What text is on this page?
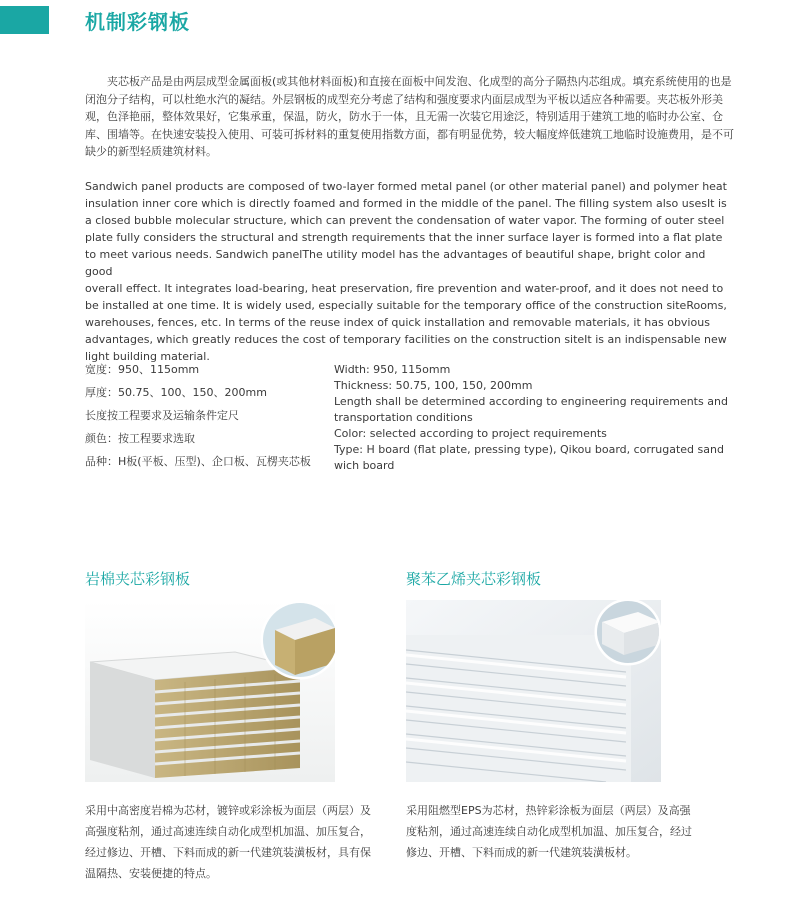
机制彩钢板

夹芯板产品是由两层成型金属面板(或其他材料面板)和直接在面板中间发泡、化成型的高分子隔热内芯组成。填充系统使用的也是闭泡分子结构，可以杜绝水汽的凝结。外层钢板的成型充分考虑了结构和强度要求内面层成型为平板以适应各种需要。夹芯板外形美观，色泽艳丽，整体效果好，它集承重，保温，防火，防水于一体，且无需一次装它用途泛，特别适用于建筑工地的临时办公室、仓库、围墙等。在快速安装投入使用、可装可拆材料的重复使用指数方面，都有明显优势，较大幅度焠低建筑工地临时设施费用，是不可缺少的新型轻质建筑材料。

Sandwich panel products are composed of two-layer formed metal panel (or other material panel) and polymer heat
insulation inner core which is directly foamed and formed in the middle of the panel. The filling system also usesIt is
a closed bubble molecular structure, which can prevent the condensation of water vapor. The forming of outer steel
plate fully considers the structural and strength requirements that the inner surface layer is formed into a flat plate
to meet various needs. Sandwich panelThe utility model has the advantages of beautiful shape, bright color and good
overall effect. It integrates load-bearing, heat preservation, fire prevention and water-proof, and it does not need to
be installed at one time. It is widely used, especially suitable for the temporary office of the construction siteRooms,
warehouses, fences, etc. In terms of the reuse index of quick installation and removable materials, it has obvious
advantages, which greatly reduces the cost of temporary facilities on the construction siteIt is an indispensable new
light building material.

宽度：950、115omm
厚度：50.75、100、150、200mm
长度按工程要求及运输条件定尺
颜色：按工程要求选取
品种：H板(平板、压型)、企口板、瓦楞夹芯板
Width: 950, 115omm
Thickness: 50.75, 100, 150, 200mm
Length shall be determined according to engineering requirements and transportation conditions
Color: selected according to project requirements
Type: H board (flat plate, pressing type), Qikou board, corrugated sand wich board
岩棉夹芯彩钢板

采用中高密度岩棉为芯材，镀锌或彩涂板为面层（两层）及
高强度粘剂，通过高速连续自动化成型机加温、加压复合，
经过修边、开槽、下料而成的新一代建筑装潢板材，具有保
温隔热、安装便捷的特点。

聚苯乙烯夹芯彩钢板

采用阻燃型EPS为芯材，热锌彩涂板为面层（两层）及高强
度粘剂，通过高速连续自动化成型机加温、加压复合，经过
修边、开槽、下料而成的新一代建筑装潢板材。
